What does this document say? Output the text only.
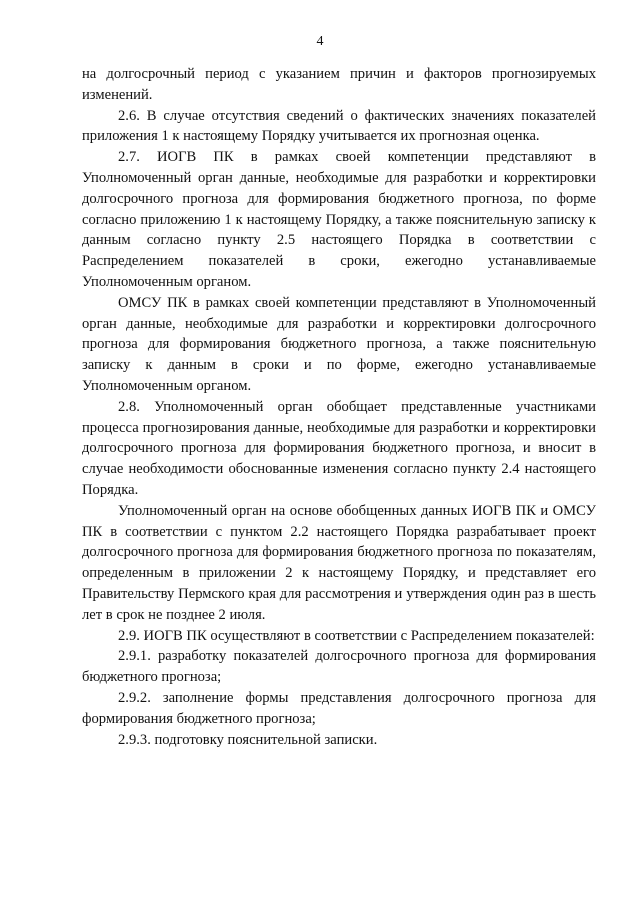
4

на долгосрочный период с указанием причин и факторов прогнозируемых изменений.

2.6. В случае отсутствия сведений о фактических значениях показателей приложения 1 к настоящему Порядку учитывается их прогнозная оценка.

2.7. ИОГВ ПК в рамках своей компетенции представляют в Уполномоченный орган данные, необходимые для разработки и корректировки долгосрочного прогноза для формирования бюджетного прогноза, по форме согласно приложению 1 к настоящему Порядку, а также пояснительную записку к данным согласно пункту 2.5 настоящего Порядка в соответствии с Распределением показателей в сроки, ежегодно устанавливаемые Уполномоченным органом.

ОМСУ ПК в рамках своей компетенции представляют в Уполномоченный орган данные, необходимые для разработки и корректировки долгосрочного прогноза для формирования бюджетного прогноза, а также пояснительную записку к данным в сроки и по форме, ежегодно устанавливаемые Уполномоченным органом.

2.8. Уполномоченный орган обобщает представленные участниками процесса прогнозирования данные, необходимые для разработки и корректировки долгосрочного прогноза для формирования бюджетного прогноза, и вносит в случае необходимости обоснованные изменения согласно пункту 2.4 настоящего Порядка.

Уполномоченный орган на основе обобщенных данных ИОГВ ПК и ОМСУ ПК в соответствии с пунктом 2.2 настоящего Порядка разрабатывает проект долгосрочного прогноза для формирования бюджетного прогноза по показателям, определенным в приложении 2 к настоящему Порядку, и представляет его Правительству Пермского края для рассмотрения и утверждения один раз в шесть лет в срок не позднее 2 июля.

2.9. ИОГВ ПК осуществляют в соответствии с Распределением показателей:

2.9.1. разработку показателей долгосрочного прогноза для формирования бюджетного прогноза;

2.9.2. заполнение формы представления долгосрочного прогноза для формирования бюджетного прогноза;

2.9.3. подготовку пояснительной записки.
